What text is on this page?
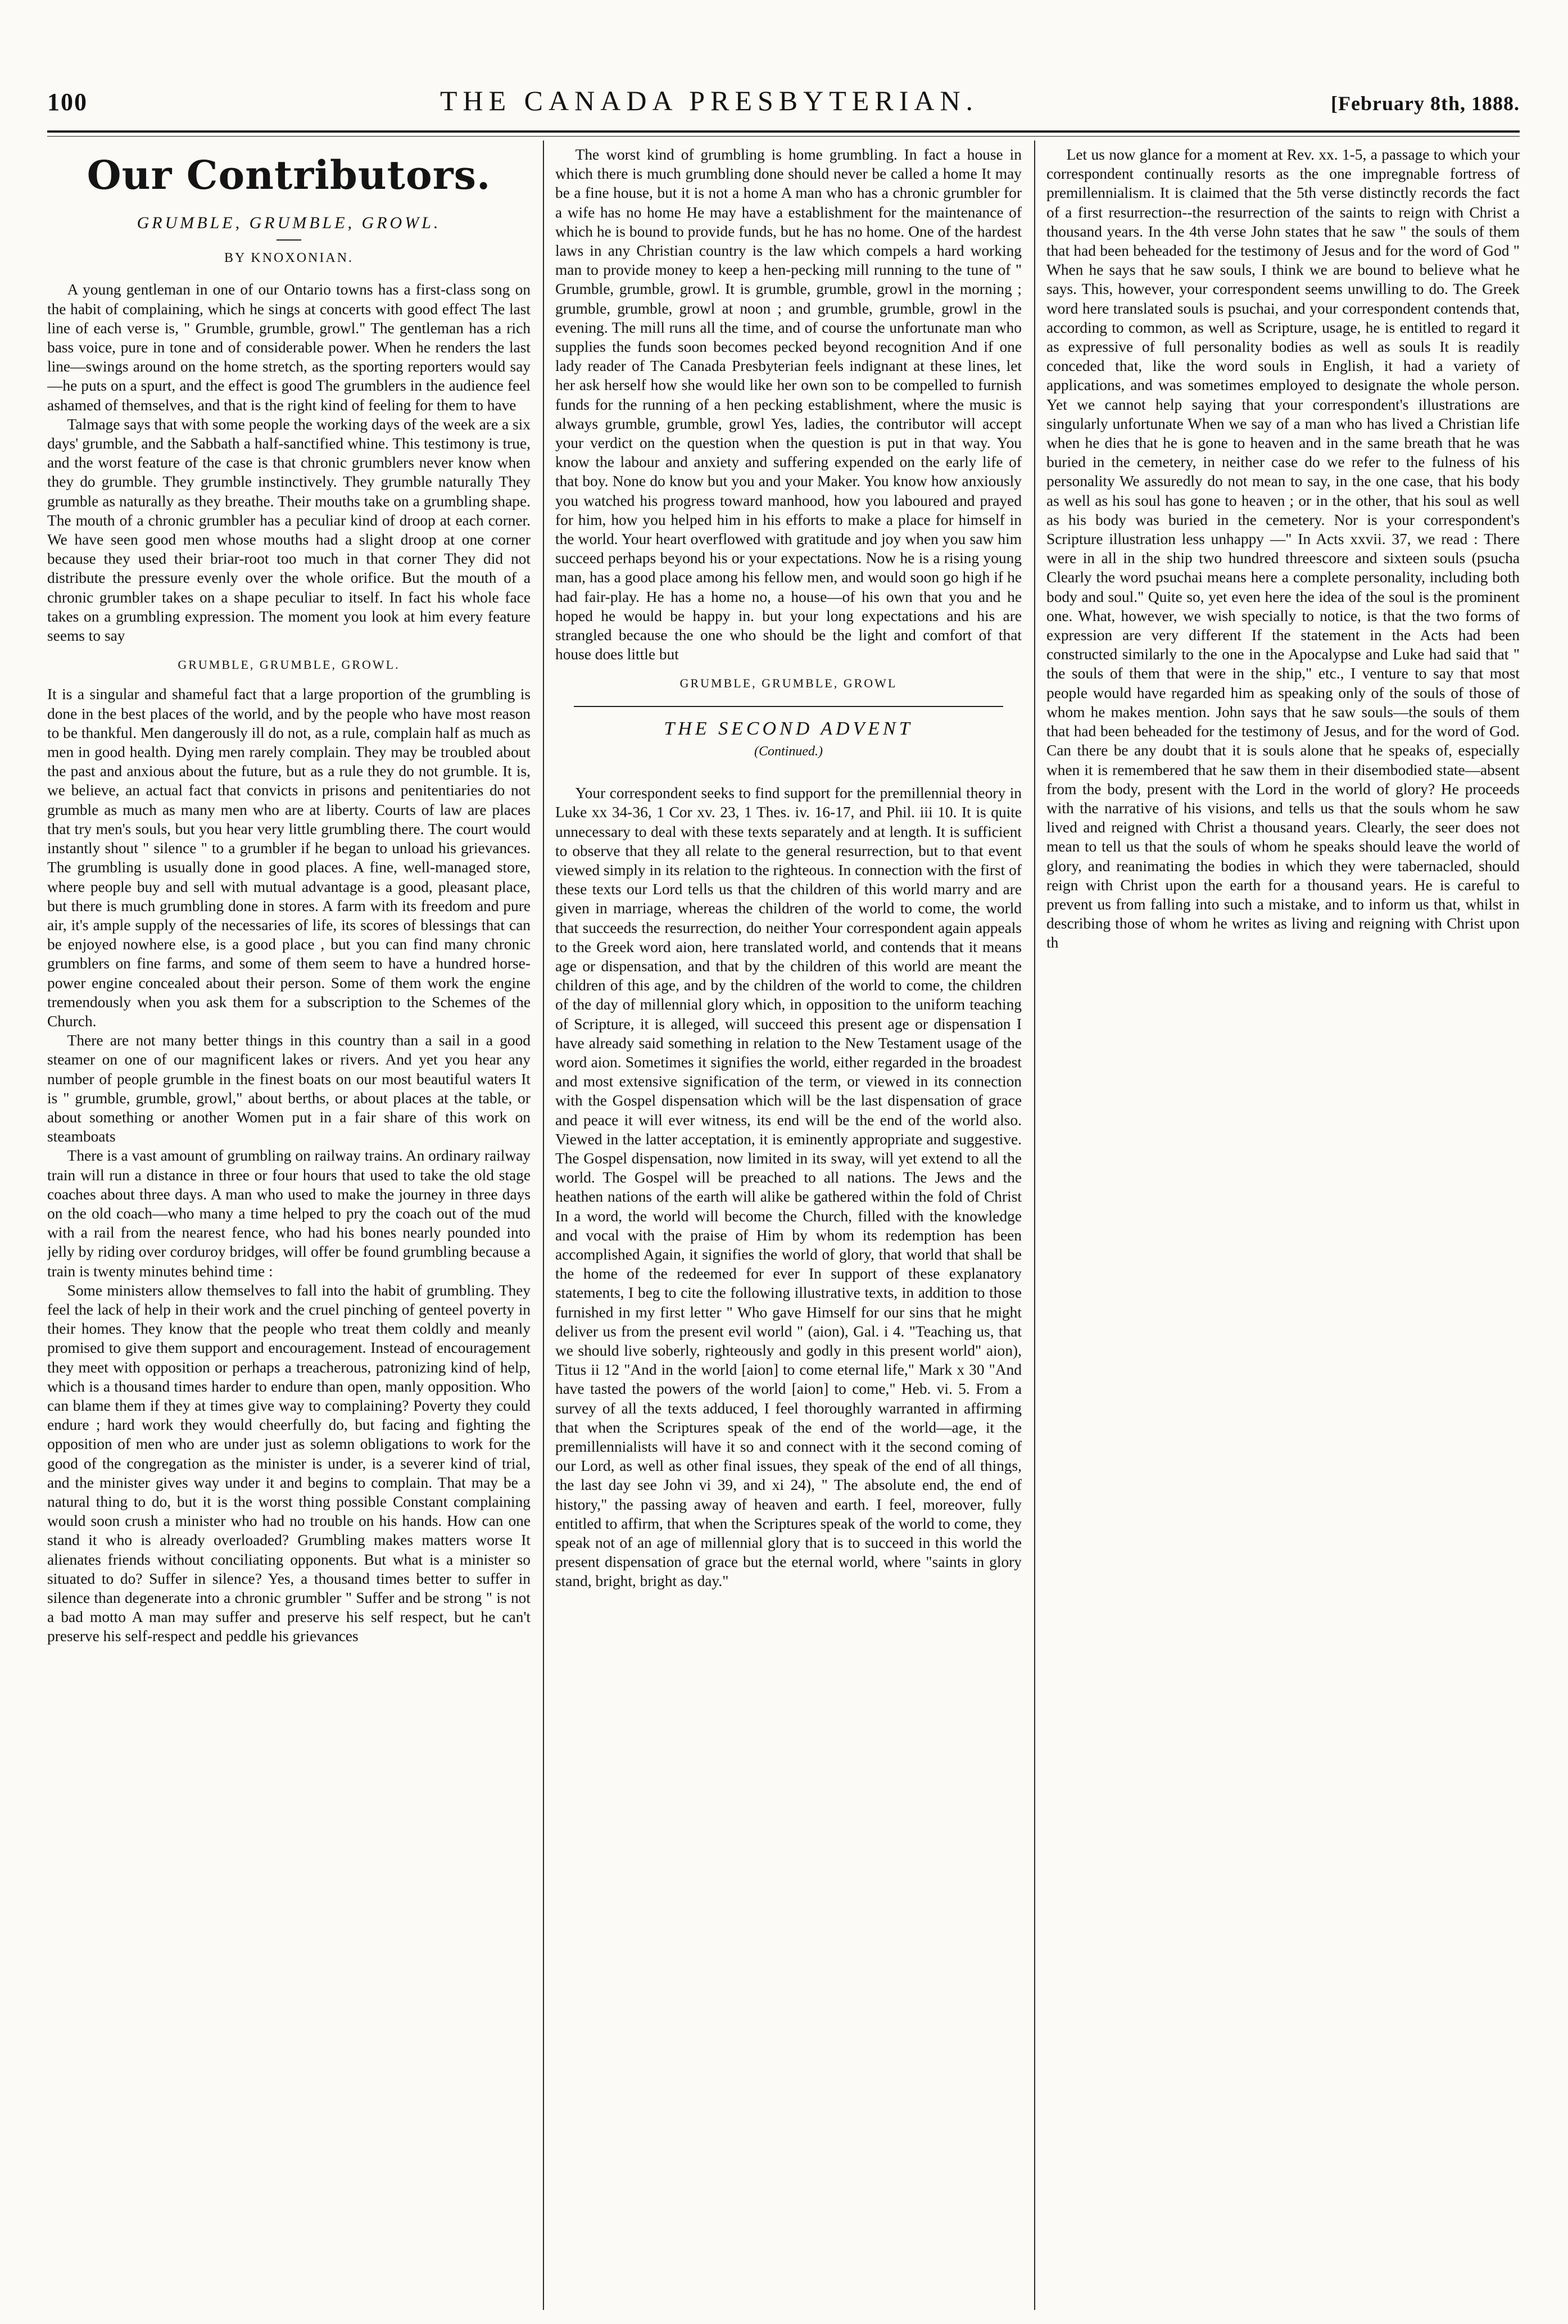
100	THE CANADA PRESBYTERIAN.	[February 8th, 1888.
Our Contributors.
GRUMBLE, GRUMBLE, GROWL.
BY KNOXONIAN.

A young gentleman in one of our Ontario towns has a first-class song on the habit of complaining, which he sings at concerts with good effect The last line of each verse is, " Grumble, grumble, growl." The gentleman has a rich bass voice, pure in tone and of considerable power. When he renders the last line—swings around on the home stretch, as the sporting reporters would say—he puts on a spurt, and the effect is good The grumblers in the audience feel ashamed of themselves, and that is the right kind of feeling for them to have

Talmage says that with some people the working days of the week are a six days' grumble, and the Sabbath a half-sanctified whine. This testimony is true, and the worst feature of the case is that chronic grumblers never know when they do grumble. They grumble instinctively. They grumble naturally They grumble as naturally as they breathe. Their mouths take on a grumbling shape. The mouth of a chronic grumbler has a peculiar kind of droop at each corner. We have seen good men whose mouths had a slight droop at one corner because they used their briar-root too much in that corner They did not distribute the pressure evenly over the whole orifice. But the mouth of a chronic grumbler takes on a shape peculiar to itself. In fact his whole face takes on a grumbling expression. The moment you look at him every feature seems to say

GRUMBLE, GRUMBLE, GROWL.

It is a singular and shameful fact that a large proportion of the grumbling is done in the best places of the world, and by the people who have most reason to be thankful. Men dangerously ill do not, as a rule, complain half as much as men in good health. Dying men rarely complain. They may be troubled about the past and anxious about the future, but as a rule they do not grumble. It is, we believe, an actual fact that convicts in prisons and penitentiaries do not grumble as much as many men who are at liberty. Courts of law are places that try men's souls, but you hear very little grumbling there. The court would instantly shout " silence " to a grumbler if he began to unload his grievances. The grumbling is usually done in good places. A fine, well-managed store, where people buy and sell with mutual advantage is a good, pleasant place, but there is much grumbling done in stores. A farm with its freedom and pure air, it's ample supply of the necessaries of life, its scores of blessings that can be enjoyed nowhere else, is a good place , but you can find many chronic grumblers on fine farms, and some of them seem to have a hundred horse-power engine concealed about their person. Some of them work the engine tremendously when you ask them for a subscription to the Schemes of the Church.

There are not many better things in this country than a sail in a good steamer on one of our magnificent lakes or rivers. And yet you hear any number of people grumble in the finest boats on our most beautiful waters It is " grumble, grumble, growl," about berths, or about places at the table, or about something or another Women put in a fair share of this work on steamboats

There is a vast amount of grumbling on railway trains. An ordinary railway train will run a distance in three or four hours that used to take the old stage coaches about three days. A man who used to make the journey in three days on the old coach—who many a time helped to pry the coach out of the mud with a rail from the nearest fence, who had his bones nearly pounded into jelly by riding over corduroy bridges, will offer be found grumbling because a train is twenty minutes behind time :

Some ministers allow themselves to fall into the habit of grumbling. They feel the lack of help in their work and the cruel pinching of genteel poverty in their homes. They know that the people who treat them coldly and meanly promised to give them support and encouragement. Instead of encouragement they meet with opposition or perhaps a treacherous, patronizing kind of help, which is a thousand times harder to endure than open, manly opposition. Who can blame them if they at times give way to complaining? Poverty they could endure ; hard work they would cheerfully do, but facing and fighting the opposition of men who are under just as solemn obligations to work for the good of the congregation as the minister is under, is a severer kind of trial, and the minister gives way under it and begins to complain. That may be a natural thing to do, but it is the worst thing possible Constant complaining would soon crush a minister who had no trouble on his hands. How can one stand it who is already overloaded? Grumbling makes matters worse It alienates friends without conciliating opponents. But what is a minister so situated to do? Suffer in silence? Yes, a thousand times better to suffer in silence than degenerate into a chronic grumbler " Suffer and be strong " is not a bad motto A man may suffer and preserve his self respect, but he can't preserve his self-respect and peddle his grievances

The worst kind of grumbling is home grumbling. In fact a house in which there is much grumbling done should never be called a home It may be a fine house, but it is not a home A man who has a chronic grumbler for a wife has no home He may have a establishment for the maintenance of which he is bound to provide funds, but he has no home. One of the hardest laws in any Christian country is the law which compels a hard working man to provide money to keep a hen-pecking mill running to the tune of " Grumble, grumble, growl. It is grumble, grumble, growl in the morning ; grumble, grumble, growl at noon ; and grumble, grumble, growl in the evening. The mill runs all the time, and of course the unfortunate man who supplies the funds soon becomes pecked beyond recognition And if one lady reader of The Canada Presbyterian feels indignant at these lines, let her ask herself how she would like her own son to be compelled to furnish funds for the running of a hen pecking establishment, where the music is always grumble, grumble, growl Yes, ladies, the contributor will accept your verdict on the question when the question is put in that way. You know the labour and anxiety and suffering expended on the early life of that boy. None do know but you and your Maker. You know how anxiously you watched his progress toward manhood, how you laboured and prayed for him, how you helped him in his efforts to make a place for himself in the world. Your heart overflowed with gratitude and joy when you saw him succeed perhaps beyond his or your expectations. Now he is a rising young man, has a good place among his fellow men, and would soon go high if he had fair-play. He has a home no, a house—of his own that you and he hoped he would be happy in. but your long expectations and his are strangled because the one who should be the light and comfort of that house does little but

GRUMBLE, GRUMBLE, GROWL
THE SECOND ADVENT
(Continued.)

Your correspondent seeks to find support for the premillennial theory in Luke xx 34-36, 1 Cor xv. 23, 1 Thes. iv. 16-17, and Phil. iii 10. It is quite unnecessary to deal with these texts separately and at length. It is sufficient to observe that they all relate to the general resurrection, but to that event viewed simply in its relation to the righteous. In connection with the first of these texts our Lord tells us that the children of this world marry and are given in marriage, whereas the children of the world to come, the world that succeeds the resurrection, do neither Your correspondent again appeals to the Greek word aion, here translated world, and contends that it means age or dispensation, and that by the children of this world are meant the children of this age, and by the children of the world to come, the children of the day of millennial glory which, in opposition to the uniform teaching of Scripture, it is alleged, will succeed this present age or dispensation I have already said something in relation to the New Testament usage of the word aion. Sometimes it signifies the world, either regarded in the broadest and most extensive signification of the term, or viewed in its connection with the Gospel dispensation which will be the last dispensation of grace and peace it will ever witness, its end will be the end of the world also. Viewed in the latter acceptation, it is eminently appropriate and suggestive. The Gospel dispensation, now limited in its sway, will yet extend to all the world. The Gospel will be preached to all nations. The Jews and the heathen nations of the earth will alike be gathered within the fold of Christ In a word, the world will become the Church, filled with the knowledge and vocal with the praise of Him by whom its redemption has been accomplished Again, it signifies the world of glory, that world that shall be the home of the redeemed for ever In support of these explanatory statements, I beg to cite the following illustrative texts, in addition to those furnished in my first letter " Who gave Himself for our sins that he might deliver us from the present evil world " (aion), Gal. i 4. "Teaching us, that we should live soberly, righteously and godly in this present world" aion), Titus ii 12 "And in the world [aion] to come eternal life," Mark x 30 "And have tasted the powers of the world [aion] to come," Heb. vi. 5. From a survey of all the texts adduced, I feel thoroughly warranted in affirming that when the Scriptures speak of the end of the world—age, it the premillennialists will have it so and connect with it the second coming of our Lord, as well as other final issues, they speak of the end of all things, the last day see John vi 39, and xi 24), " The absolute end, the end of history," the passing away of heaven and earth. I feel, moreover, fully entitled to affirm, that when the Scriptures speak of the world to come, they speak not of an age of millennial glory that is to succeed in this world the present dispensation of grace but the eternal world, where "saints in glory stand, bright, bright as day."

Let us now glance for a moment at Rev. xx. 1-5, a passage to which your correspondent continually resorts as the one impregnable fortress of premillennialism. It is claimed that the 5th verse distinctly records the fact of a first resurrection--the resurrection of the saints to reign with Christ a thousand years. In the 4th verse John states that he saw " the souls of them that had been beheaded for the testimony of Jesus and for the word of God " When he says that he saw souls, I think we are bound to believe what he says. This, however, your correspondent seems unwilling to do. The Greek word here translated souls is psuchai, and your correspondent contends that, according to common, as well as Scripture, usage, he is entitled to regard it as expressive of full personality bodies as well as souls It is readily conceded that, like the word souls in English, it had a variety of applications, and was sometimes employed to designate the whole person. Yet we cannot help saying that your correspondent's illustrations are singularly unfortunate When we say of a man who has lived a Christian life when he dies that he is gone to heaven and in the same breath that he was buried in the cemetery, in neither case do we refer to the fulness of his personality We assuredly do not mean to say, in the one case, that his body as well as his soul has gone to heaven ; or in the other, that his soul as well as his body was buried in the cemetery. Nor is your correspondent's Scripture illustration less unhappy —" In Acts xxvii. 37, we read : There were in all in the ship two hundred threescore and sixteen souls (psucha Clearly the word psuchai means here a complete personality, including both body and soul." Quite so, yet even here the idea of the soul is the prominent one. What, however, we wish specially to notice, is that the two forms of expression are very different If the statement in the Acts had been constructed similarly to the one in the Apocalypse and Luke had said that " the souls of them that were in the ship," etc., I venture to say that most people would have regarded him as speaking only of the souls of those of whom he makes mention. John says that he saw souls—the souls of them that had been beheaded for the testimony of Jesus, and for the word of God. Can there be any doubt that it is souls alone that he speaks of, especially when it is remembered that he saw them in their disembodied state—absent from the body, present with the Lord in the world of glory? He proceeds with the narrative of his visions, and tells us that the souls whom he saw lived and reigned with Christ a thousand years. Clearly, the seer does not mean to tell us that the souls of whom he speaks should leave the world of glory, and reanimating the bodies in which they were tabernacled, should reign with Christ upon the earth for a thousand years. He is careful to prevent us from falling into such a mistake, and to inform us that, whilst in describing those of whom he writes as living and reigning with Christ upon th
